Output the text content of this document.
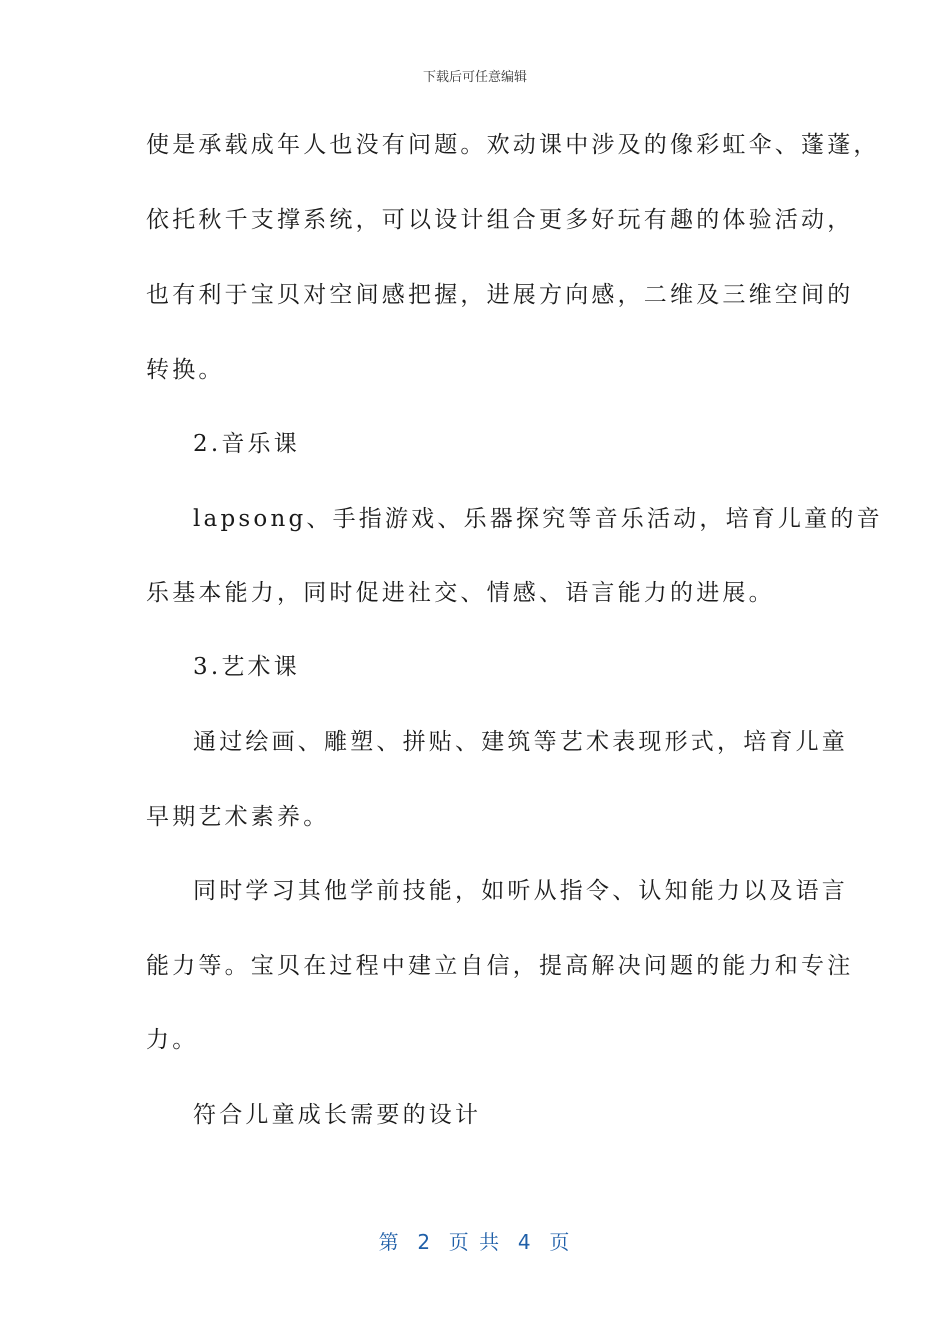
下载后可任意编辑
使是承载成年人也没有问题。欢动课中涉及的像彩虹伞、蓬蓬，
依托秋千支撑系统，可以设计组合更多好玩有趣的体验活动，
也有利于宝贝对空间感把握，进展方向感，二维及三维空间的
转换。
2.音乐课
lapsong、手指游戏、乐器探究等音乐活动，培育儿童的音
乐基本能力，同时促进社交、情感、语言能力的进展。
3.艺术课
通过绘画、雕塑、拼贴、建筑等艺术表现形式，培育儿童
早期艺术素养。
同时学习其他学前技能，如听从指令、认知能力以及语言
能力等。宝贝在过程中建立自信，提高解决问题的能力和专注
力。
符合儿童成长需要的设计
第  2  页 共  4  页
